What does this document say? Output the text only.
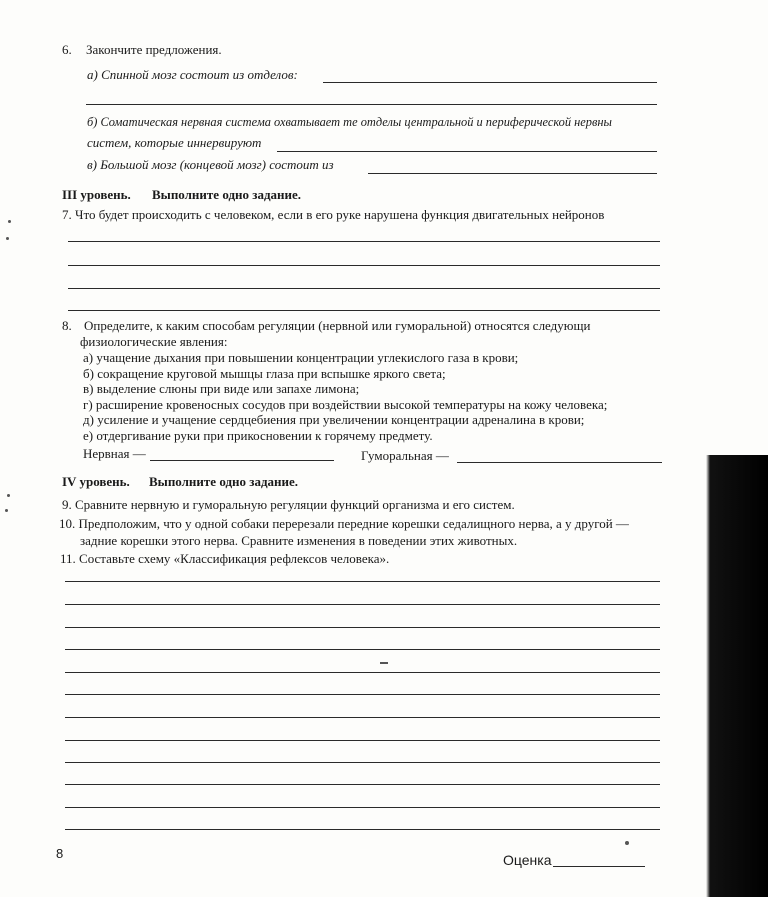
6. Закончите предложения.
а) Спинной мозг состоит из отделов:
б) Соматическая нервная система охватывает те отделы центральной и периферической нервны
систем, которые иннервируют
в) Большой мозг (концевой мозг) состоит из
III уровень. Выполните одно задание.
7. Что будет происходить с человеком, если в его руке нарушена функция двигательных нейронов
8. Определите, к каким способам регуляции (нервной или гуморальной) относятся следующи
физиологические явления:
а) учащение дыхания при повышении концентрации углекислого газа в крови;
б) сокращение круговой мышцы глаза при вспышке яркого света;
в) выделение слюны при виде или запахе лимона;
г) расширение кровеносных сосудов при воздействии высокой температуры на кожу человека;
д) усиление и учащение сердцебиения при увеличении концентрации адреналина в крови;
е) отдергивание руки при прикосновении к горячему предмету.
Нервная —	Гуморальная —
IV уровень. Выполните одно задание.
9. Сравните нервную и гуморальную регуляции функций организма и его систем.
10. Предположим, что у одной собаки перерезали передние корешки седалищного нерва, а у другой —
задние корешки этого нерва. Сравните изменения в поведении этих животных.
11. Составьте схему «Классификация рефлексов человека».
8	Оценка
